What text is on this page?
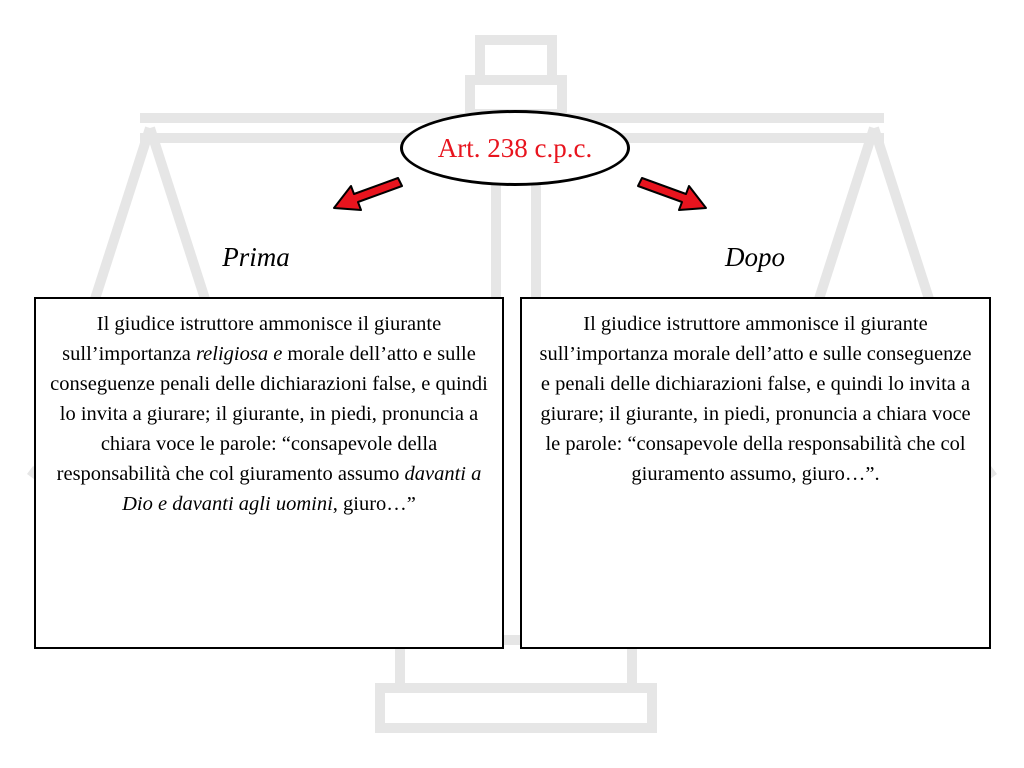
Art. 238 c.p.c.
Prima	Dopo

Il giudice istruttore ammonisce il giurante sull’importanza religiosa e morale dell’atto e sulle conseguenze penali delle dichiarazioni false, e quindi lo invita a giurare; il giurante, in piedi, pronuncia a chiara voce le parole: “consapevole della responsabilità che col giuramento assumo davanti a Dio e davanti agli uomini, giuro…”

Il giudice istruttore ammonisce il giurante sull’importanza morale dell’atto e sulle conseguenze e penali delle dichiarazioni false, e quindi lo invita a giurare; il giurante, in piedi, pronuncia a chiara voce le parole: “consapevole della responsabilità che col giuramento assumo, giuro…”.
